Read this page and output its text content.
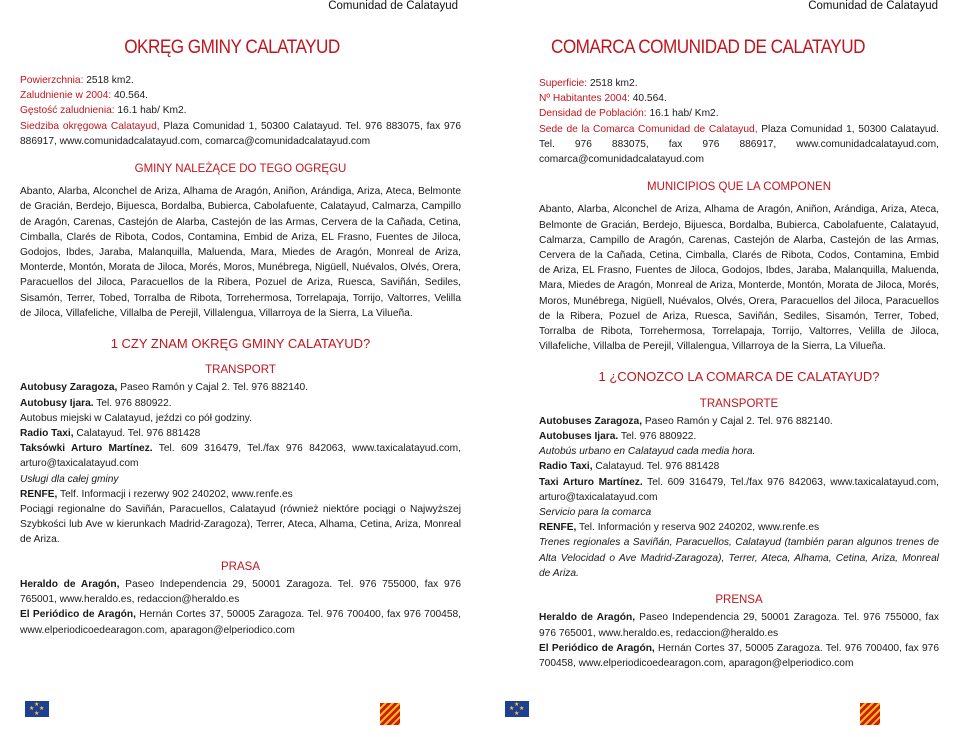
Comunidad de Calatayud
OKRĘG GMINY CALATAYUD

Powierzchnia: 2518 km2.

Zaludnienie w 2004: 40.564.

Gęstość zaludnienia: 16.1 hab/ Km2.

Siedziba okręgowa Calatayud, Plaza Comunidad 1, 50300 Calatayud. Tel. 976 883075, fax 976 886917, www.comunidadcalatayud.com, comarca@comunidadcalatayud.com

GMINY NALEŻĄCE DO TEGO OGRĘGU

Abanto, Alarba, Alconchel de Ariza, Alhama de Aragón, Aniñon, Arándiga, Ariza, Ateca, Belmonte de Gracián, Berdejo, Bijuesca, Bordalba, Bubierca, Cabolafuente, Calatayud, Calmarza, Campillo de Aragón, Carenas, Castejón de Alarba, Castejón de las Armas, Cervera de la Cañada, Cetina, Cimballa, Clarés de Ribota, Codos, Contamina, Embid de Ariza, EL Frasno, Fuentes de Jiloca, Godojos, Ibdes, Jaraba, Malanquilla, Maluenda, Mara, Miedes de Aragón, Monreal de Ariza, Monterde, Montón, Morata de Jiloca, Morés, Moros, Munébrega, Nigüell, Nuévalos, Olvés, Orera, Paracuellos del Jiloca, Paracuellos de la Ribera, Pozuel de Ariza, Ruesca, Saviñán, Sediles, Sisamón, Terrer, Tobed, Torralba de Ribota, Torrehermosa, Torrelapaja, Torrijo, Valtorres, Velilla de Jiloca, Villafeliche, Villalba de Perejil, Villalengua, Villarroya de la Sierra, La Vilueña.

1 CZY ZNAM OKRĘG GMINY CALATAYUD?
TRANSPORT

Autobusy Zaragoza, Paseo Ramón y Cajal 2. Tel. 976 882140.

Autobusy Ijara. Tel. 976 880922.

Autobus miejski w Calatayud, jeździ co pół godziny.

Radio Taxi, Calatayud. Tel. 976 881428

Taksówki Arturo Martínez. Tel. 609 316479, Tel./fax 976 842063, www.taxicalatayud.com, arturo@taxicalatayud.com

Usługi dla całej gminy

RENFE, Telf. Informacji i rezerwy 902 240202, www.renfe.es

Pociągi regionalne do Saviñán, Paracuellos, Calatayud (również niektóre pociągi o Najwyższej Szybkości lub Ave w kierunkach Madrid-Zaragoza), Terrer, Ateca, Alhama, Cetina, Ariza, Monreal de Ariza.

PRASA

Heraldo de Aragón, Paseo Independencia 29, 50001 Zaragoza. Tel. 976 755000, fax 976 765001, www.heraldo.es, redaccion@heraldo.es

El Periódico de Aragón, Hernán Cortes 37, 50005 Zaragoza. Tel. 976 700400, fax 976 700458, www.elperiodicoedearagon.com, aparagon@elperiodico.com

★
★
★ ★
Comunidad de Calatayud
COMARCA COMUNIDAD DE CALATAYUD

Superficie: 2518 km2.

Nº Habitantes 2004: 40.564.

Densidad de Población: 16.1 hab/ Km2.

Sede de la Comarca Comunidad de Calatayud, Plaza Comunidad 1, 50300 Calatayud. Tel. 976 883075, fax 976 886917, www.comunidadcalatayud.com, comarca@comunidadcalatayud.com

MUNICIPIOS QUE LA COMPONEN

Abanto, Alarba, Alconchel de Ariza, Alhama de Aragón, Aniñon, Arándiga, Ariza, Ateca, Belmonte de Gracián, Berdejo, Bijuesca, Bordalba, Bubierca, Cabolafuente, Calatayud, Calmarza, Campillo de Aragón, Carenas, Castejón de Alarba, Castejón de las Armas, Cervera de la Cañada, Cetina, Cimballa, Clarés de Ribota, Codos, Contamina, Embid de Ariza, EL Frasno, Fuentes de Jiloca, Godojos, Ibdes, Jaraba, Malanquilla, Maluenda, Mara, Miedes de Aragón, Monreal de Ariza, Monterde, Montón, Morata de Jiloca, Morés, Moros, Munébrega, Nigüell, Nuévalos, Olvés, Orera, Paracuellos del Jiloca, Paracuellos de la Ribera, Pozuel de Ariza, Ruesca, Saviñán, Sediles, Sisamón, Terrer, Tobed, Torralba de Ribota, Torrehermosa, Torrelapaja, Torrijo, Valtorres, Velilla de Jiloca, Villafeliche, Villalba de Perejil, Villalengua, Villarroya de la Sierra, La Vilueña.

1 ¿CONOZCO LA COMARCA DE CALATAYUD?
TRANSPORTE

Autobuses Zaragoza, Paseo Ramón y Cajal 2. Tel. 976 882140.

Autobuses Ijara. Tel. 976 880922.

Autobús urbano en Calatayud cada media hora.

Radio Taxi, Calatayud. Tel. 976 881428

Taxi Arturo Martínez. Tel. 609 316479, Tel./fax 976 842063, www.taxicalatayud.com, arturo@taxicalatayud.com

Servicio para la comarca

RENFE, Tel. Información y reserva 902 240202, www.renfe.es

Trenes regionales a Saviñán, Paracuellos, Calatayud (también paran algunos trenes de Alta Velocidad o Ave Madrid-Zaragoza), Terrer, Ateca, Alhama, Cetina, Ariza, Monreal de Ariza.

PRENSA

Heraldo de Aragón, Paseo Independencia 29, 50001 Zaragoza. Tel. 976 755000, fax 976 765001, www.heraldo.es, redaccion@heraldo.es

El Periódico de Aragón, Hernán Cortes 37, 50005 Zaragoza. Tel. 976 700400, fax 976 700458, www.elperiodicoedearagon.com, aparagon@elperiodico.com

★
★
★ ★
